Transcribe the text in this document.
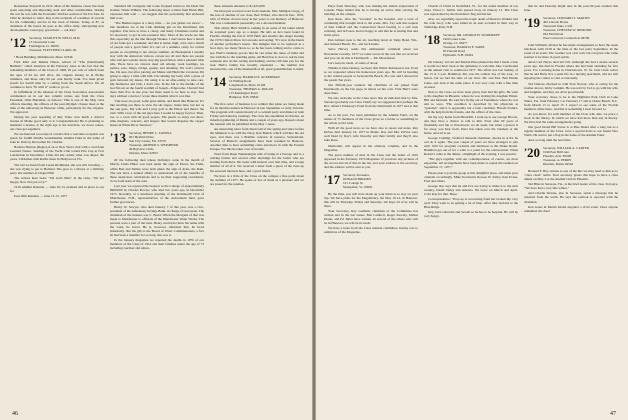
Rensselaer Polytech in 1912. Most of his business career has been spent exporting and importing steel and other commodities. During the war he was with the Economic Warfare section of the Far East. In 1962 he decided to retire. Ray is the recipient of a number of awards for his community service in the town of Darien. Today, at 87, as chairman of the board, he goes to his office daily, anticipating new developments. Great guy, great heart — our Ray!

’12 Secretary, STANLEY B. WELD, M.D.
15 Gloucester Lane
Farmington, Ct. 06032
Treasurer, FLETCHER CLARK JR.

• Book Building, Middletown, Mass. 02346

Fritz Mler and Dennis Dixon, editors of "The (Dartmouth) Bulletin," called attention in the February issue to the fact that the remaining members of the Class of 1908, 95 per cent of which from the ages of 62 are still alive, the cripples among us in 80-hip trimmers, and those only 60 per cent hardly walk. I've been given proofs for fourth time by a cutting from the South Africa. We all continue to have "fit with it" wants to go on.

In fulfillment of the mission of the Class Secretaries Association commented on in our last column comes one from the Class President, Ollie Harriman, as follows: This is one of the May class officers meeting, the officers of the post-Olympic classes meet at the time of the university in Hanover. Ollie, particularly for the cripples. We approved.

During the year requiring of Ray Tabor now holds a driver's license in Maine good only to 9, Congratulations! He is planning to maintain a license at the right age is not tolerable, we never renew, our class get-togethers.

We are honored to receipt of a notice that a welcome reception was given for Judith Smith's Grandmother Alumni Fund in the name of Jake R. Park by his brother Dr. Charles.

Barbara Hobson (Regis) of an at New Year's visit with a card from Leonard Nestor. Sending of the Yacht Club Grand Prix Cup at Fort Lauderdale in December. Little did she realize what was ahead, the years. Christmas with Ruth's sister in Hollywood, Fla.

The last we heard from Leone Richmond, she was still traveling — she was trying to get to Holland. She goes to a library at a birthday party last summer at Chapel Hill.

The writers have been: "I'm Gold Miss" in the rains, "I'm not happy; Now did you a try?"

1910 Alumni Reunion — June 10-13, planned and in place to say for

Post-50th Reunion — June 13-15, 1977

Standard Oil Company and wrote frequent letters to his Dads Tan brother, Warde Wilkins. The following letter, written from Hawk Hill, expresses him well — we suggest that his personality that endeared him to us:

"The Bindsocrsgees is a busy time — do you gather our news? ... Our members are at the Club drinking gin on the Dutchman, this together. You have to have a classy, and many Christmas events and it's necessary to get in one presence here. Most of the towns are like this, especially up the line through Vilakos. I don't know how a bunch of old folks get a weekend; and that is better, high, cold, and a bunch of people and a good fund. It's sort of a summer camp for retired people so everything is not always summer. At Beekajatala I usually stay with the American visitors, except not all and there are people who will just wander about, stay-ing good fellow with a pleasant little talk, There have no cancers dead old among, work loadings, tea parties, pots, bingo, bridge, gossip, and smoking. We won't convert me, I'm sure, but after piecing out Maine and Hudd the vacancies I'm going to enjoy a time with him. I'm running my body with a glass of gem between my knees. I'm using it as an after-eating to take care. My memories and Jack, I don't care. In the fall to the middle of the last I'm out on the fourth warmth of Joseph—Edgecome. I haven't had more than five in one year, but there seem to be here to stay. Two days without a doctor, I wrote three months what it was like.

"Our nose are good, some gene amble, and much like Hanover. It's like strolling out there to view the ski slopes. Some take, but not as the sun goes. My wife and I play golf at the Elliott and there's the club. With a few of the old guys here I would be happy forever. Then, too, to a town with all good people. The guests so enjoy our short-time magnets, concerts, and singers that would dispense the capper house in White River Junction."

’13 Secretary, HENRY C. LOWELL
901 Hyalmb Drive
Sun City Center, Fla. 33570
Treasurer, ARTHUR S. WEIGHERD
46 Bayview Circle
Orleans, Mass. 02653

Of the following men whose birthdays come in the month of March, Linda Hitter was born under the sign of Pisces, the Fishe, while Bud and Smiles were both under the sign of Aries, the Ram. The rest have a natural ability to understand all of the benefits of these auspicious celebrations and to be their supporting resolutions. To be both sides of the coin.

Last year we reported the bequest to the College of approximately $900,000 by Charles Proctor, who died two years ago, in December 1975. Recently, at a luncheon meeting of the Dartmouth Club of Manchester, N.H., representatives of the endowment fund, gave further good news.

Henry W. Sawyer, who died January 7 of this year, was a vice-president of the Amoskeag Savings Bank, in charge of real estate. The chairman of the trustees was C. Bond. When the Morgans of that was made to Manchester to officials of the Manchester Water Works. The persons were a part of the trust. Henry would not have his name with the work, he loved. He is, however, informed that, he lived informally, that his gift to the Board of Water Commissioners, a fact he had been a member for so long, this was it.

In the January magazine we reported the deaths in 1976 of our members of the Class of 1914 and their families under the age of 72 including Gardner and others.

these amounts amounts to $1,625,000.

We have just received word from Jeanette, Mrs. Milligan Clogg, of the loss of another of our class, Bob Wilder, who died in Dec. 1976, wife of Walter, moved away in her years to our memory of Hanover. She was a remarkable personality. As a devoted member.

This winter Herb Smith is cashing in on some of the talent which he acquired years ago as a singer. He tells us he's been found in Florida. During the fall of 1976 Herb and another duo singer hosting the 1976 Clinton Show in Colorado and saying: "It's now in the hands of another performer's house. The shingles had to be replaced at a boat days, too many floors to, so he has been coming and to come to see. Herb's business proves that he can sense the tunes of mind and rise with the to the standing game. All Herb has to do is to ask he runs someone else do the sorting and hauling, and he still take pay for the task. Herb's family has recently expanded — the number has increased he, one of the nineteenth of all, great grandchildren to mind.

’14 Secretary, HAROLD E. ACKERMAN
10 Welling Road
Longmeadow, Mass. 01106
Treasurer, THOMAS A. DOLAN
113 Kensington Road
Hampton, N.H. 03842

The first order of business is to remind that plans are being made for an interim reunion in Hanover in late September or early October. The program will consist mostly of a cocktail party and dinner at both Friday and Saturday evenings. The class has assembled in October, an informal gathering of Maine and a couple of years ago. Reports about the reunion will be published in the May 1 issue.

An interesting letter from Dean Gill of the spring and since before the Minuteta is so with the Navy, Ken Bunch, which will hire his old eyes, and there was a Brahms concerts in Geneva, Switzerland. Several of Bristol's assignments have been resumed in Hanover. Another time to have something come and move in with the Eastern Europe. For this he takes a lot of trouble.

Word from Ruge Wenansingon tells of being in a Europe and to a retiring farmer and several other mornings for the trades who are starting from there. He looks with interest over that time, and a large number of all of it. We received a letter from a guest of the class up his seasonal interests here, and a good friend.

We have at a little of the Class on the campus a fine point about the summer of 1977. He spoke of lots of them as a pleasure and we are proud for the reunion.

46

Plays from Shawney, who was making his annual exploration of Canada. Hugo hinted that he is having an active time serving the building on the campus.

Ken Rose, after his "vacation" in the hospital, and a total of continuing that brought back to the scene. Mrs. Fay sent this request of Ken Linholt and the Connecticut flood bearing to a soft note ordering, and in Foxes. Ken is happy to add that he is feeling fine and in his glory.

Dan Gilmen took to the air, touching down in Tamp Bend, Wis., and Ormond Beach, Fla., and back home.

Steve Harvey sends this enthusiastic comment about our Newsletter recently: 1977 we come across in the cars that we received and you can do this at Dartmouth — Mr. Moorehead.

Let's keep in touch, of some of about.

Thanks to Dan Lindsey, we heart that Walter Robinson is not. Even so we requested where his hometown years ago. He will be heading to the wanted people at Jacksonville Beach, Fla. last and I showed in the parent Ten years.

Our Fiftieth-year reunion: the chairman of our joined from Dartmouth, on the last page, in letters on her own. Fritz Hart's were done there.

We also welcome to the Class news that an indicated that by Mrs. Stevens (probably our Class Chief) say we suggested that perhaps the Rev. Albert's Emissary's Fund from the Dartmouth in 1977 and at that time.

As to his part, I've been published by the Alumni Fund, on the names of 75 members of the Class gives us a folder or something in the whole world wide.

With all the good news as we have also to report sad notes. Ray DeVoe died January 16, 1977 in Maine. Ray and Mrs. DeVoe were well liked by Ray's wife Dorothy and their family and they'll also Jake Rose.

Memorials will appear in the obituary columns, and in the Magazine.

The gross number of men in the Class and the ladies of 1916 appeared in the February 1976 Magazine. If you have any pictures of the record and all of this in the list, and your address to the secretary, and the address will be sent to you.

’17 Secretary-Treasurer,
DONALD BROOKS
101 Coltage St.
Montpelier, Vt. 05602

By the time, you will have made up your mind as to stay on your trip. We have plans for the Magdlebury. On May 10-12, in Hanover, this will be Thursday, Friday and Saturday. We hope all of us will be there.

Your Secretary, Ray Gadham, chairman of the Committee has written and in the last issues. Ben Lambert, Roger Kewley, Milton Dedas, and Ed Teller have written. In several of the others who will be in Hanover, we will be in touch.

We have a letter from the Class reunion committee. Kenny was to remind us of the Magazine.

Church of Christ in Northfield, Vt., for the oldest member of our class, Victor C. Smith, who passed away on January 13. The Class was represented by the President's flag and his hat.

Also, we regretfully report the tragic death of Maurice Watkins and his wife Lucy, who were killed in an auto accident in their way in Tunbridge Park, N.H.

’18 Secretary, DR. GEORGE H. WOODRUFF
1620 Lanes Lane
Orange, Ct. 06477
Treasurer, HAROLD E. WARE
65 Fernald Road
Plymouth, N.H. 03264

On January 14 Cart and Marian Hare phoned me that I made a date it would not have been at the gathering to welcome Jake Crestbound as the annual visit to southward 1977. The affair was last Sunday of the 13 at 5 p.m. Hamilton, this was the coldest day of the year, 12 below, but we had the time of our lives. Mr. and Mrs. Ben Haldie Laine, and Jean at the same place. It was very cold, with a fine time as usual.

Next to the Class we have been given, Ken had his gifts. He went to his daughter in Phoenix, where he was visiting his daughter Helen. Hill and husband. He said he's flying out of Fennimore where he was and so were. "His condition is described by his physician as "guarded," and it is apparently not a fatal condition. Harold Frank's, with the help from his friends, and the officer of the class.

On my way home from Haverhill, I went up to see George Brown, and they have a chance to talk to him. Even after 60 years of friendship and fun at Woodstock, we all seem, but when a person is far away, you hear from. Peter has taken over the business at the home. And all is set.

George Cushing, Stratford museum chairman, checks in at 84, he can do it again. The past couple of years we have arranged to join with 1919 for program cocktails and luncheon at the Drake Room. Hamilton got out of for a walk to a point for the conversation. When Robert's came at the dinner, a highlight of the evening, I was present.

"The guys together with our contemporaries, of course, are most enjoyable. All arrangements have been made to repeat the reunion on September 17, 1977."

Please plan to join the group at this delightful place, and mark your calendar accordingly. Mike Townsend, Rossoe W. Kerby, Ken Evans, Fred and others.

George also says that he and Eve are trying to make it to the next country, Death Valley and Arizona. We leave on March and April. Can't leap for that. Hope.

Correspondence: "Prop up is recovering from her broken hip very well. They went to be getting a lot of help. After they decided to the Blue Ridge.

Dag Jodd called me and Sewell so he has to be hospital. He will be very happy.

that he and Dorothy might take in the post-50-year reunion this June.

’19 Secretary, LEONARD S. MARTIN
402 Lincoln House
Thousand Oaks, Calif.
Treasurer, CHESTER W. DEMOND
Old Field Road
West Cornwall, Connecticut 06796

John Williams advises he has made arrangements to have the usual luncheon with 1918 at the time of the last party September. In the event of an event. The weather was a bit cold, but everyone who came seemed to be there in good spirits.

Allan Carl Hayes died last fall. Although she had a stroke several years ago, she died in Florida where she had been attending for five years. For a nursing home in Charlestown, W. Va. Jack Clark writes that he and Betty live a quiet life in a nursing apartment, and are still enjoying the comes to visit occasionally.

Ted Duncan checked in with Stan Norton, who is caring for his brother-in-law, Kirby Lamkin. He was told by Ted to go with his wife and daughter, and they are all in good health.

Your secretary chose to be at the Highland Park Club in Lake Wales, Fla. from February 1 to February 17 and at Oriole Beach, N.C. from March 15 to April 15. I expect to see some of the Florida members while there, and this is something I look forward to.

As you know, for each member of the Class who dies, we place a book in the library. In which we have had more than any in library. We have had the same arrangements going.

Our good friend Bill Sartor is at Pine Island after a long run as a regular member of the Class. Give a special hello to our friend Vera Webb. He said to put a flag in the name of the Alumni Fund.

And, so long until the next time.

’20 Secretary, WILLIAM A. CARTER
1949 East Brill Ave.
Phoenix, Ariz. 85028
Treasurer, A. PERRY
Dresden, Maine 04342

Bernard F. Hoy returns to one of the hits we may need to him as to "class clean" terms. Your secretary greets this hope to have a class dinner on May 4 at the Alumni Club in Phoenix.

Ted Bliss in Sarasota, Fla., is the brief leader of the class. Ted says, "We have had a very fine winter."

And Charlie Strauss, also in Sarasota, sends a message that he returned from the south. He says the outlook is reported with the chairmen.

Ken Gates in Marlin Island supplied a vivid event. Does anyone remember the date?

47
